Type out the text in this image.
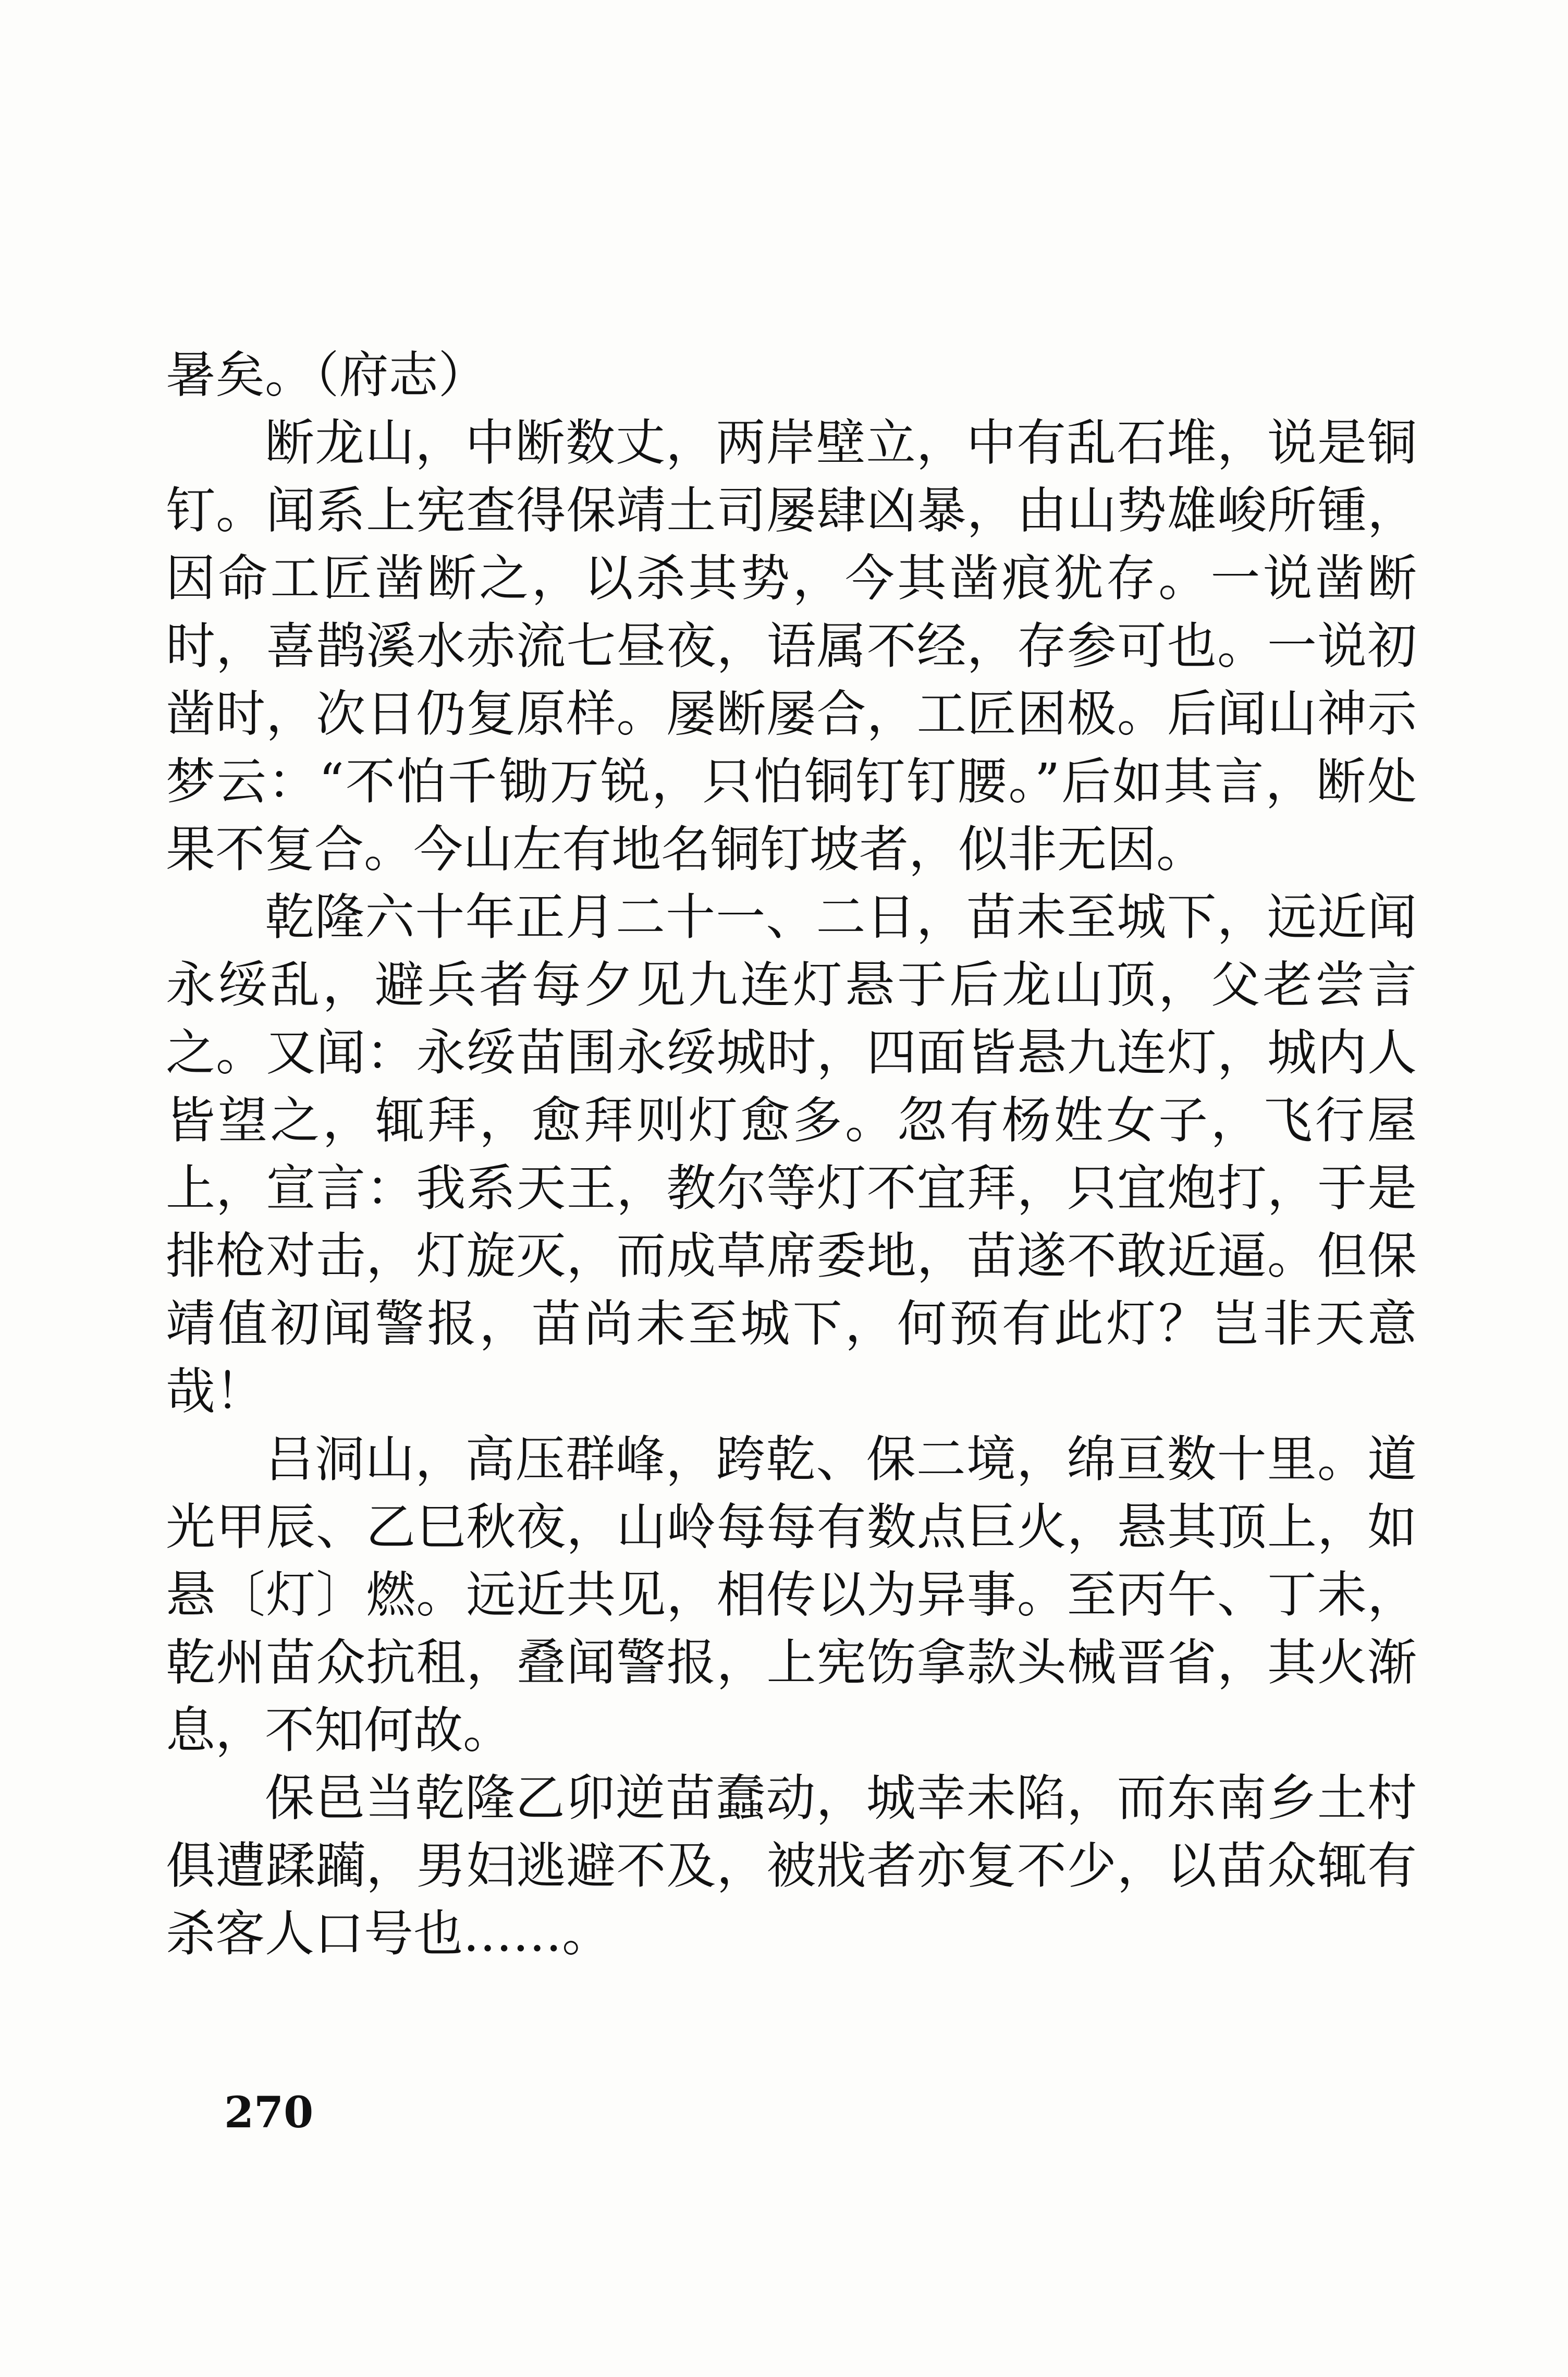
暑矣。（府志）

断龙山，中断数丈，两岸壁立，中有乱石堆，说是铜钉。闻系上宪查得保靖土司屡肆凶暴，由山势雄峻所锺，因命工匠凿断之，以杀其势，今其凿痕犹存。一说凿断时，喜鹊溪水赤流七昼夜，语属不经，存参可也。一说初凿时，次日仍复原样。屡断屡合，工匠困极。后闻山神示梦云：“不怕千锄万锐，只怕铜钉钉腰。”后如其言，断处果不复合。今山左有地名铜钉坡者，似非无因。

乾隆六十年正月二十一、二日，苗未至城下，远近闻永绥乱，避兵者每夕见九连灯悬于后龙山顶，父老尝言之。又闻：永绥苗围永绥城时，四面皆悬九连灯，城内人皆望之，辄拜，愈拜则灯愈多。忽有杨姓女子，飞行屋上，宣言：我系天王，教尔等灯不宜拜，只宜炮打，于是排枪对击，灯旋灭，而成草席委地，苗遂不敢近逼。但保靖值初闻警报，苗尚未至城下，何预有此灯？岂非天意哉！

吕洞山，高压群峰，跨乾、保二境，绵亘数十里。道光甲辰、乙巳秋夜，山岭每每有数点巨火，悬其顶上，如悬〔灯〕燃。远近共见，相传以为异事。至丙午、丁未，乾州苗众抗租，叠闻警报，上宪饬拿款头械晋省，其火渐息，不知何故。

保邑当乾隆乙卯逆苗蠢动，城幸未陷，而东南乡土村俱遭蹂躏，男妇逃避不及，被戕者亦复不少，以苗众辄有杀客人口号也……。

270
